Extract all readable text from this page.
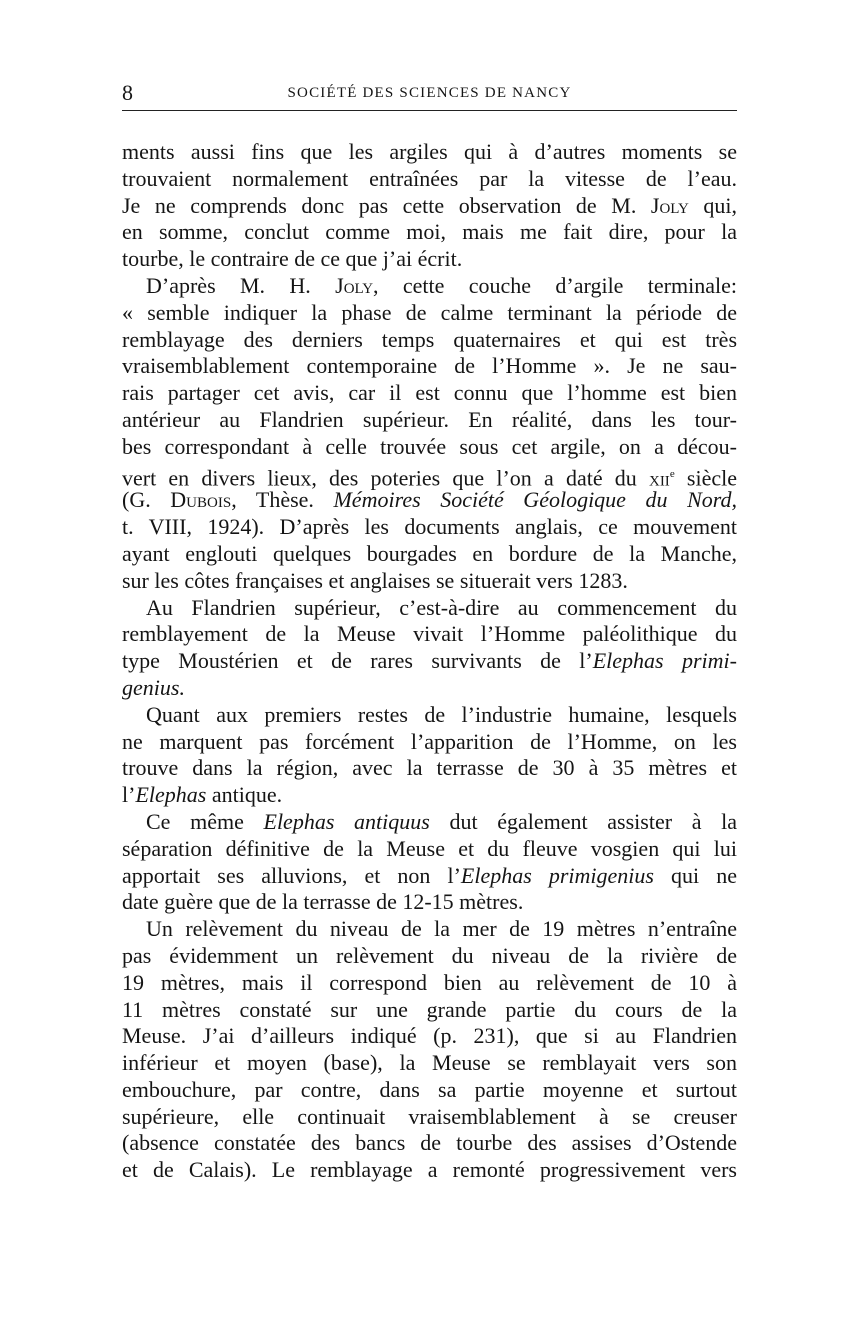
8	SOCIÉTÉ DES SCIENCES DE NANCY
ments aussi fins que les argiles qui à d’autres moments se
trouvaient normalement entraînées par la vitesse de l’eau.
Je ne comprends donc pas cette observation de M. Joly qui,
en somme, conclut comme moi, mais me fait dire, pour la
tourbe, le contraire de ce que j’ai écrit.
D’après M. H. Joly, cette couche d’argile terminale:
« semble indiquer la phase de calme terminant la période de
remblayage des derniers temps quaternaires et qui est très
vraisemblablement contemporaine de l’Homme ». Je ne sau-
rais partager cet avis, car il est connu que l’homme est bien
antérieur au Flandrien supérieur. En réalité, dans les tour-
bes correspondant à celle trouvée sous cet argile, on a décou-
vert en divers lieux, des poteries que l’on a daté du xii$^e$ siècle
(G. Dubois, Thèse. Mémoires Société Géologique du Nord,
t. VIII, 1924). D’après les documents anglais, ce mouvement
ayant englouti quelques bourgades en bordure de la Manche,
sur les côtes françaises et anglaises se situerait vers 1283.
Au Flandrien supérieur, c’est-à-dire au commencement du
remblayement de la Meuse vivait l’Homme paléolithique du
type Moustérien et de rares survivants de l’Elephas primi-
genius.
Quant aux premiers restes de l’industrie humaine, lesquels
ne marquent pas forcément l’apparition de l’Homme, on les
trouve dans la région, avec la terrasse de 30 à 35 mètres et
l’Elephas antique.
Ce même Elephas antiquus dut également assister à la
séparation définitive de la Meuse et du fleuve vosgien qui lui
apportait ses alluvions, et non l’Elephas primigenius qui ne
date guère que de la terrasse de 12-15 mètres.
Un relèvement du niveau de la mer de 19 mètres n’entraîne
pas évidemment un relèvement du niveau de la rivière de
19 mètres, mais il correspond bien au relèvement de 10 à
11 mètres constaté sur une grande partie du cours de la
Meuse. J’ai d’ailleurs indiqué (p. 231), que si au Flandrien
inférieur et moyen (base), la Meuse se remblayait vers son
embouchure, par contre, dans sa partie moyenne et surtout
supérieure, elle continuait vraisemblablement à se creuser
(absence constatée des bancs de tourbe des assises d’Ostende
et de Calais). Le remblayage a remonté progressivement vers
